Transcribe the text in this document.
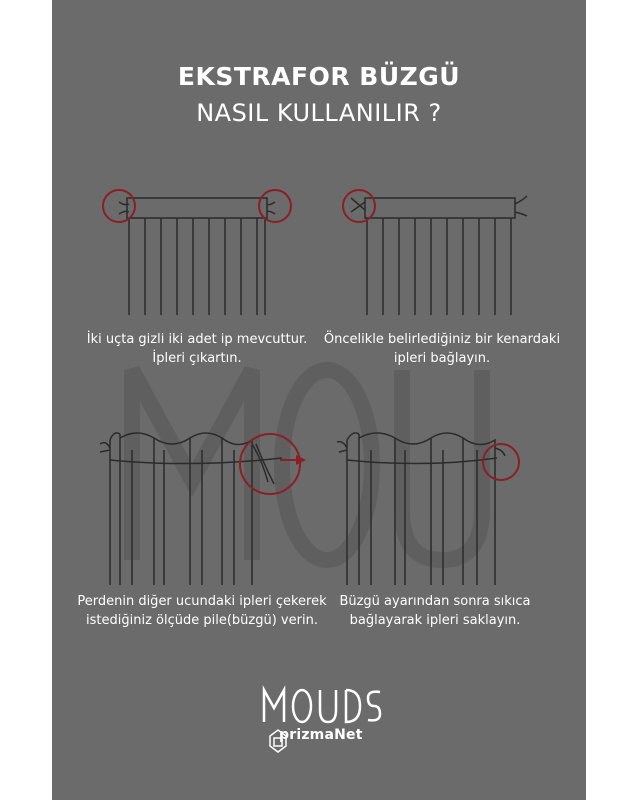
EKSTRAFOR BÜZGÜ
NASIL KULLANILIR ?
İki uçta gizli iki adet ip mevcuttur.
İpleri çıkartın.
Öncelikle belirlediğiniz bir kenardaki
ipleri bağlayın.
Perdenin diğer ucundaki ipleri çekerek
istediğiniz ölçüde pile(büzgü) verin.
Büzgü ayarından sonra sıkıca
bağlayarak ipleri saklayın.
prizmaNet
